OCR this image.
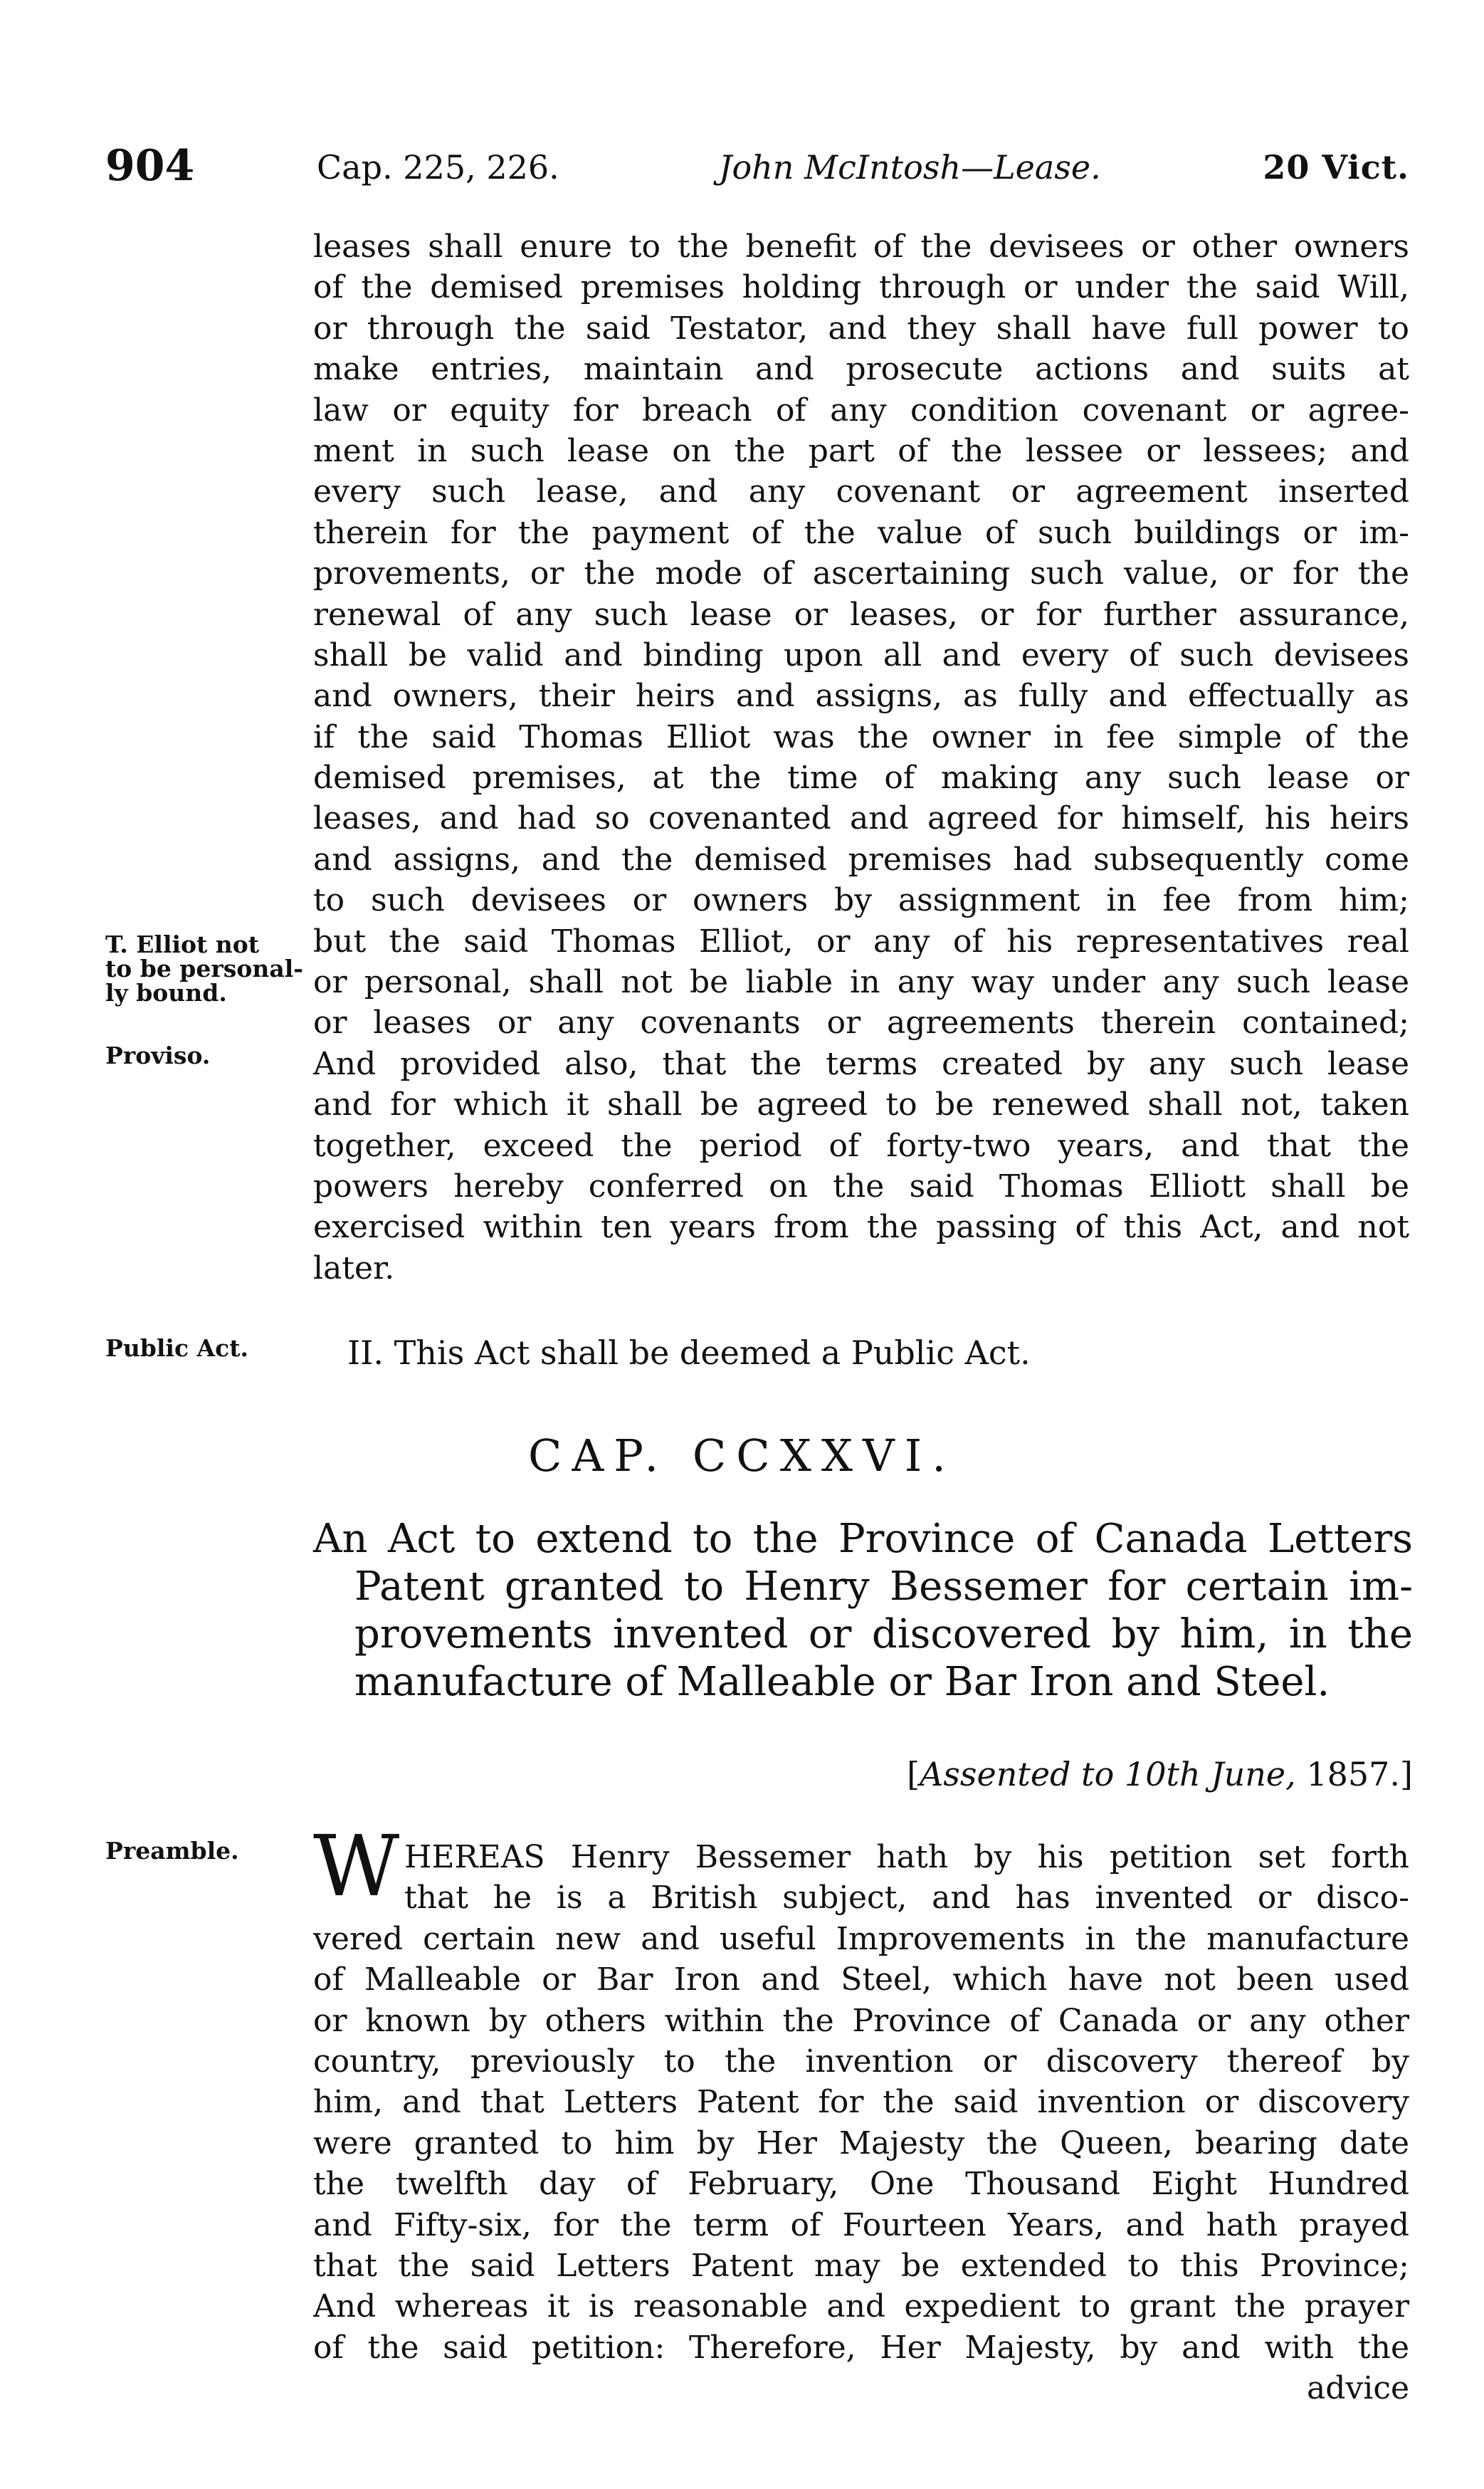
904	Cap. 225, 226.	John McIntosh—Lease.	20 Vict.
leases shall enure to the benefit of the devisees or other owners
of the demised premises holding through or under the said Will,
or through the said Testator, and they shall have full power to
make entries, maintain and prosecute actions and suits at
law or equity for breach of any condition covenant or agree-
ment in such lease on the part of the lessee or lessees; and
every such lease, and any covenant or agreement inserted
therein for the payment of the value of such buildings or im-
provements, or the mode of ascertaining such value, or for the
renewal of any such lease or leases, or for further assurance,
shall be valid and binding upon all and every of such devisees
and owners, their heirs and assigns, as fully and effectually as
if the said Thomas Elliot was the owner in fee simple of the
demised premises, at the time of making any such lease or
leases, and had so covenanted and agreed for himself, his heirs
and assigns, and the demised premises had subsequently come
to such devisees or owners by assignment in fee from him;
but the said Thomas Elliot, or any of his representatives real
or personal, shall not be liable in any way under any such lease
or leases or any covenants or agreements therein contained;
And provided also, that the terms created by any such lease
and for which it shall be agreed to be renewed shall not, taken
together, exceed the period of forty-two years, and that the
powers hereby conferred on the said Thomas Elliott shall be
exercised within ten years from the passing of this Act, and not
later.
T. Elliot not
to be personal-
ly bound.
Proviso.
Public Act.
Preamble.
II. This Act shall be deemed a Public Act.
CAP. CCXXVI.
An Act to extend to the Province of Canada Letters
Patent granted to Henry Bessemer for certain im-
provements invented or discovered by him, in the
manufacture of Malleable or Bar Iron and Steel.
[Assented to 10th June, 1857.]
W HEREAS Henry Bessemer hath by his petition set forth
that he is a British subject, and has invented or disco-
vered certain new and useful Improvements in the manufacture
of Malleable or Bar Iron and Steel, which have not been used
or known by others within the Province of Canada or any other
country, previously to the invention or discovery thereof by
him, and that Letters Patent for the said invention or discovery
were granted to him by Her Majesty the Queen, bearing date
the twelfth day of February, One Thousand Eight Hundred
and Fifty-six, for the term of Fourteen Years, and hath prayed
that the said Letters Patent may be extended to this Province;
And whereas it is reasonable and expedient to grant the prayer
of the said petition: Therefore, Her Majesty, by and with the
advice
